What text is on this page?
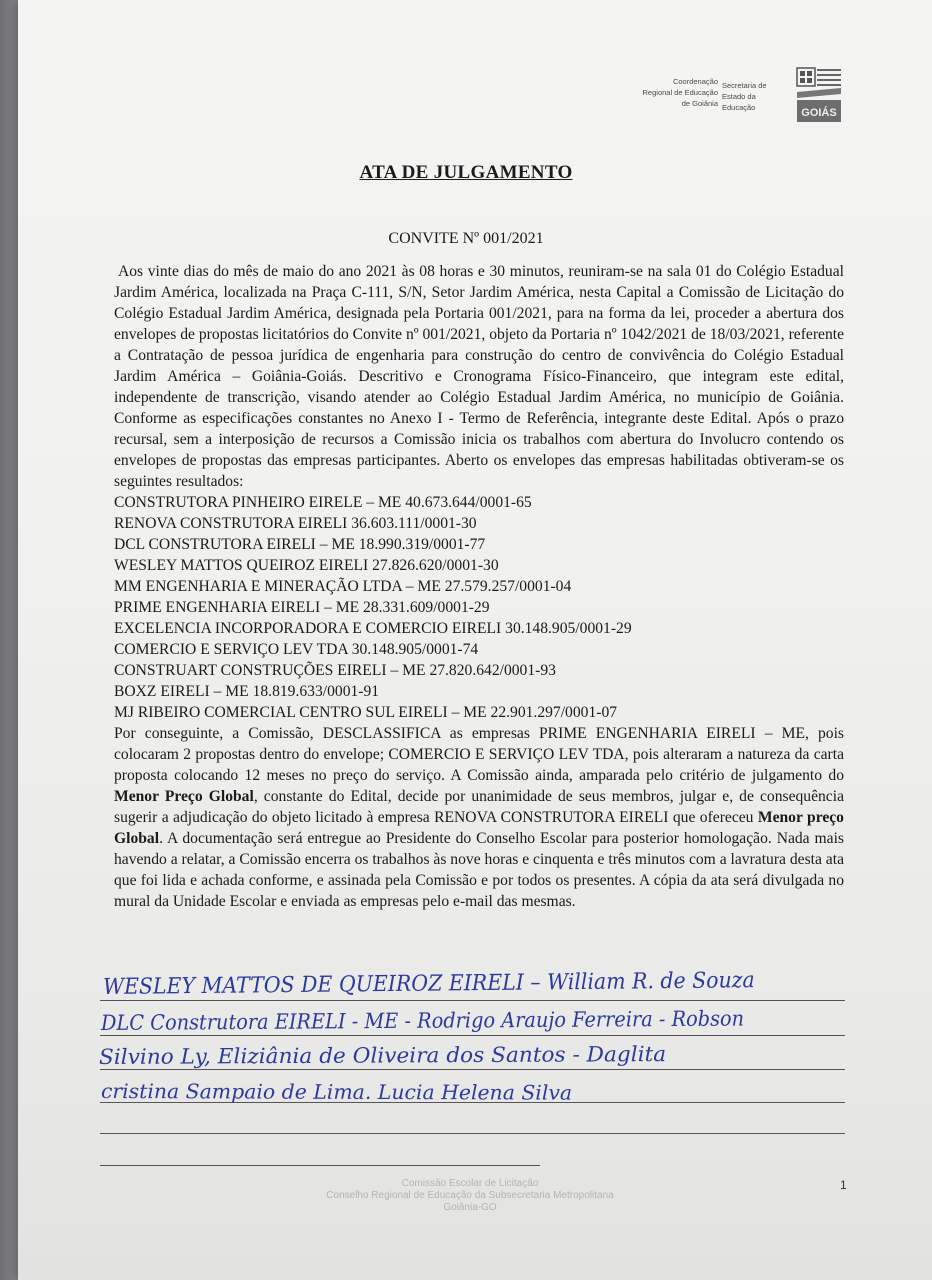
Coordenação
Regional de Educação
de Goiânia
Secretaria de
Estado da
Educação	GOIÁS
ATA DE JULGAMENTO
CONVITE Nº 001/2021
Aos vinte dias do mês de maio do ano 2021 às 08 horas e 30 minutos, reuniram-se na sala 01 do Colégio Estadual Jardim América, localizada na Praça C-111, S/N, Setor Jardim América, nesta Capital a Comissão de Licitação do Colégio Estadual Jardim América, designada pela Portaria 001/2021, para na forma da lei, proceder a abertura dos envelopes de propostas licitatórios do Convite nº 001/2021, objeto da Portaria nº 1042/2021 de 18/03/2021, referente a Contratação de pessoa jurídica de engenharia para construção do centro de convivência do Colégio Estadual Jardim América – Goiânia-Goiás. Descritivo e Cronograma Físico-Financeiro, que integram este edital, independente de transcrição, visando atender ao Colégio Estadual Jardim América, no município de Goiânia. Conforme as especificações constantes no Anexo I - Termo de Referência, integrante deste Edital. Após o prazo recursal, sem a interposição de recursos a Comissão inicia os trabalhos com abertura do Involucro contendo os envelopes de propostas das empresas participantes. Aberto os envelopes das empresas habilitadas obtiveram-se os seguintes resultados:
CONSTRUTORA PINHEIRO EIRELE – ME 40.673.644/0001-65
RENOVA CONSTRUTORA EIRELI 36.603.111/0001-30
DCL CONSTRUTORA EIRELI – ME 18.990.319/0001-77
WESLEY MATTOS QUEIROZ EIRELI 27.826.620/0001-30
MM ENGENHARIA E MINERAÇÃO LTDA – ME 27.579.257/0001-04
PRIME ENGENHARIA EIRELI – ME 28.331.609/0001-29
EXCELENCIA INCORPORADORA E COMERCIO EIRELI 30.148.905/0001-29
COMERCIO E SERVIÇO LEV TDA 30.148.905/0001-74
CONSTRUART CONSTRUÇÕES EIRELI – ME 27.820.642/0001-93
BOXZ EIRELI – ME 18.819.633/0001-91
MJ RIBEIRO COMERCIAL CENTRO SUL EIRELI – ME 22.901.297/0001-07
Por conseguinte, a Comissão, DESCLASSIFICA as empresas PRIME ENGENHARIA EIRELI – ME, pois colocaram 2 propostas dentro do envelope; COMERCIO E SERVIÇO LEV TDA, pois alteraram a natureza da carta proposta colocando 12 meses no preço do serviço. A Comissão ainda, amparada pelo critério de julgamento do Menor Preço Global, constante do Edital, decide por unanimidade de seus membros, julgar e, de consequência sugerir a adjudicação do objeto licitado à empresa RENOVA CONSTRUTORA EIRELI que ofereceu Menor preço Global. A documentação será entregue ao Presidente do Conselho Escolar para posterior homologação. Nada mais havendo a relatar, a Comissão encerra os trabalhos às nove horas e cinquenta e três minutos com a lavratura desta ata que foi lida e achada conforme, e assinada pela Comissão e por todos os presentes. A cópia da ata será divulgada no mural da Unidade Escolar e enviada as empresas pelo e-mail das mesmas.
WESLEY MATTOS DE QUEIROZ EIRELI – William R. de Souza
DLC Construtora EIRELI - ME - Rodrigo Araujo Ferreira - Robson
Silvino Ly, Eliziânia de Oliveira dos Santos - Daglita
cristina Sampaio de Lima. Lucia Helena Silva
Comissão Escolar de Licitação
Conselho Regional de Educação da Subsecretaria Metropolitana
Goiânia-GO
1
